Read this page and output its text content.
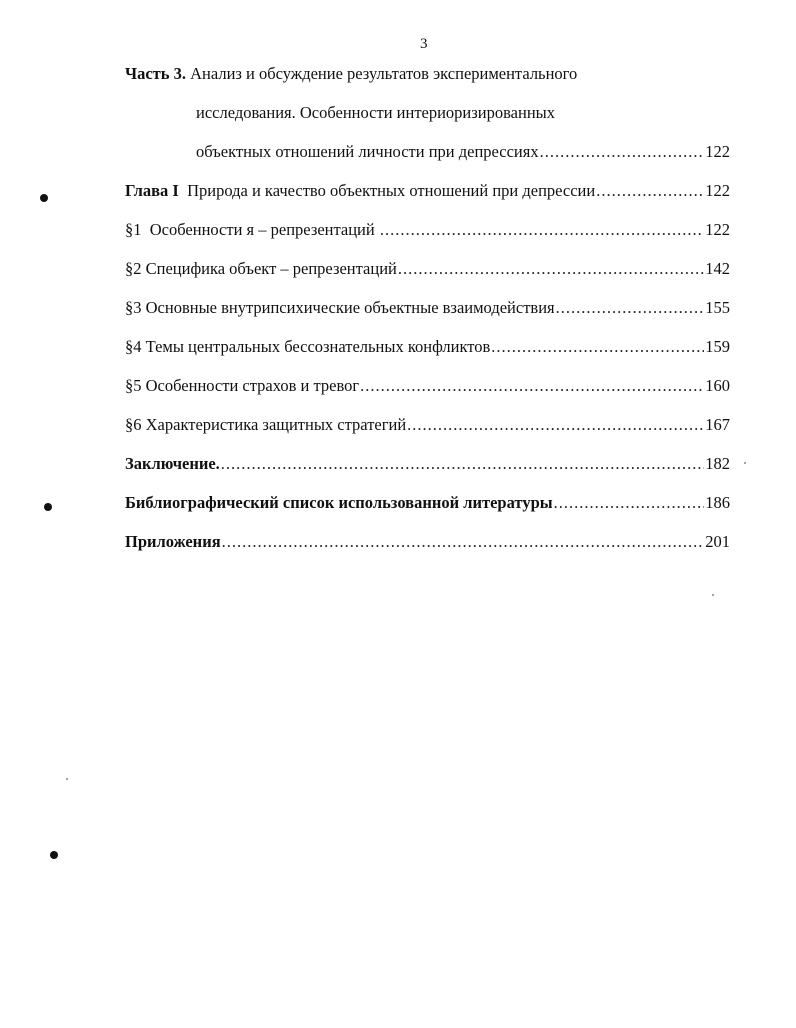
3
Часть 3. Анализ и обсуждение результатов экспериментального
исследования. Особенности интериоризированных
объектных отношений личности при депрессиях .....	122
Глава I Природа и качество объектных отношений при депрессии .....	122
§1 Особенности я – репрезентаций .....	122
§2 Специфика объект – репрезентаций .....	142
§3 Основные внутрипсихические объектные взаимодействия .....	155
§4 Темы центральных бессознательных конфликтов .....	159
§5 Особенности страхов и тревог .....	160
§6 Характеристика защитных стратегий .....	167
Заключение. .....	182
Библиографический список использованной литературы .....	186
Приложения .....	201
